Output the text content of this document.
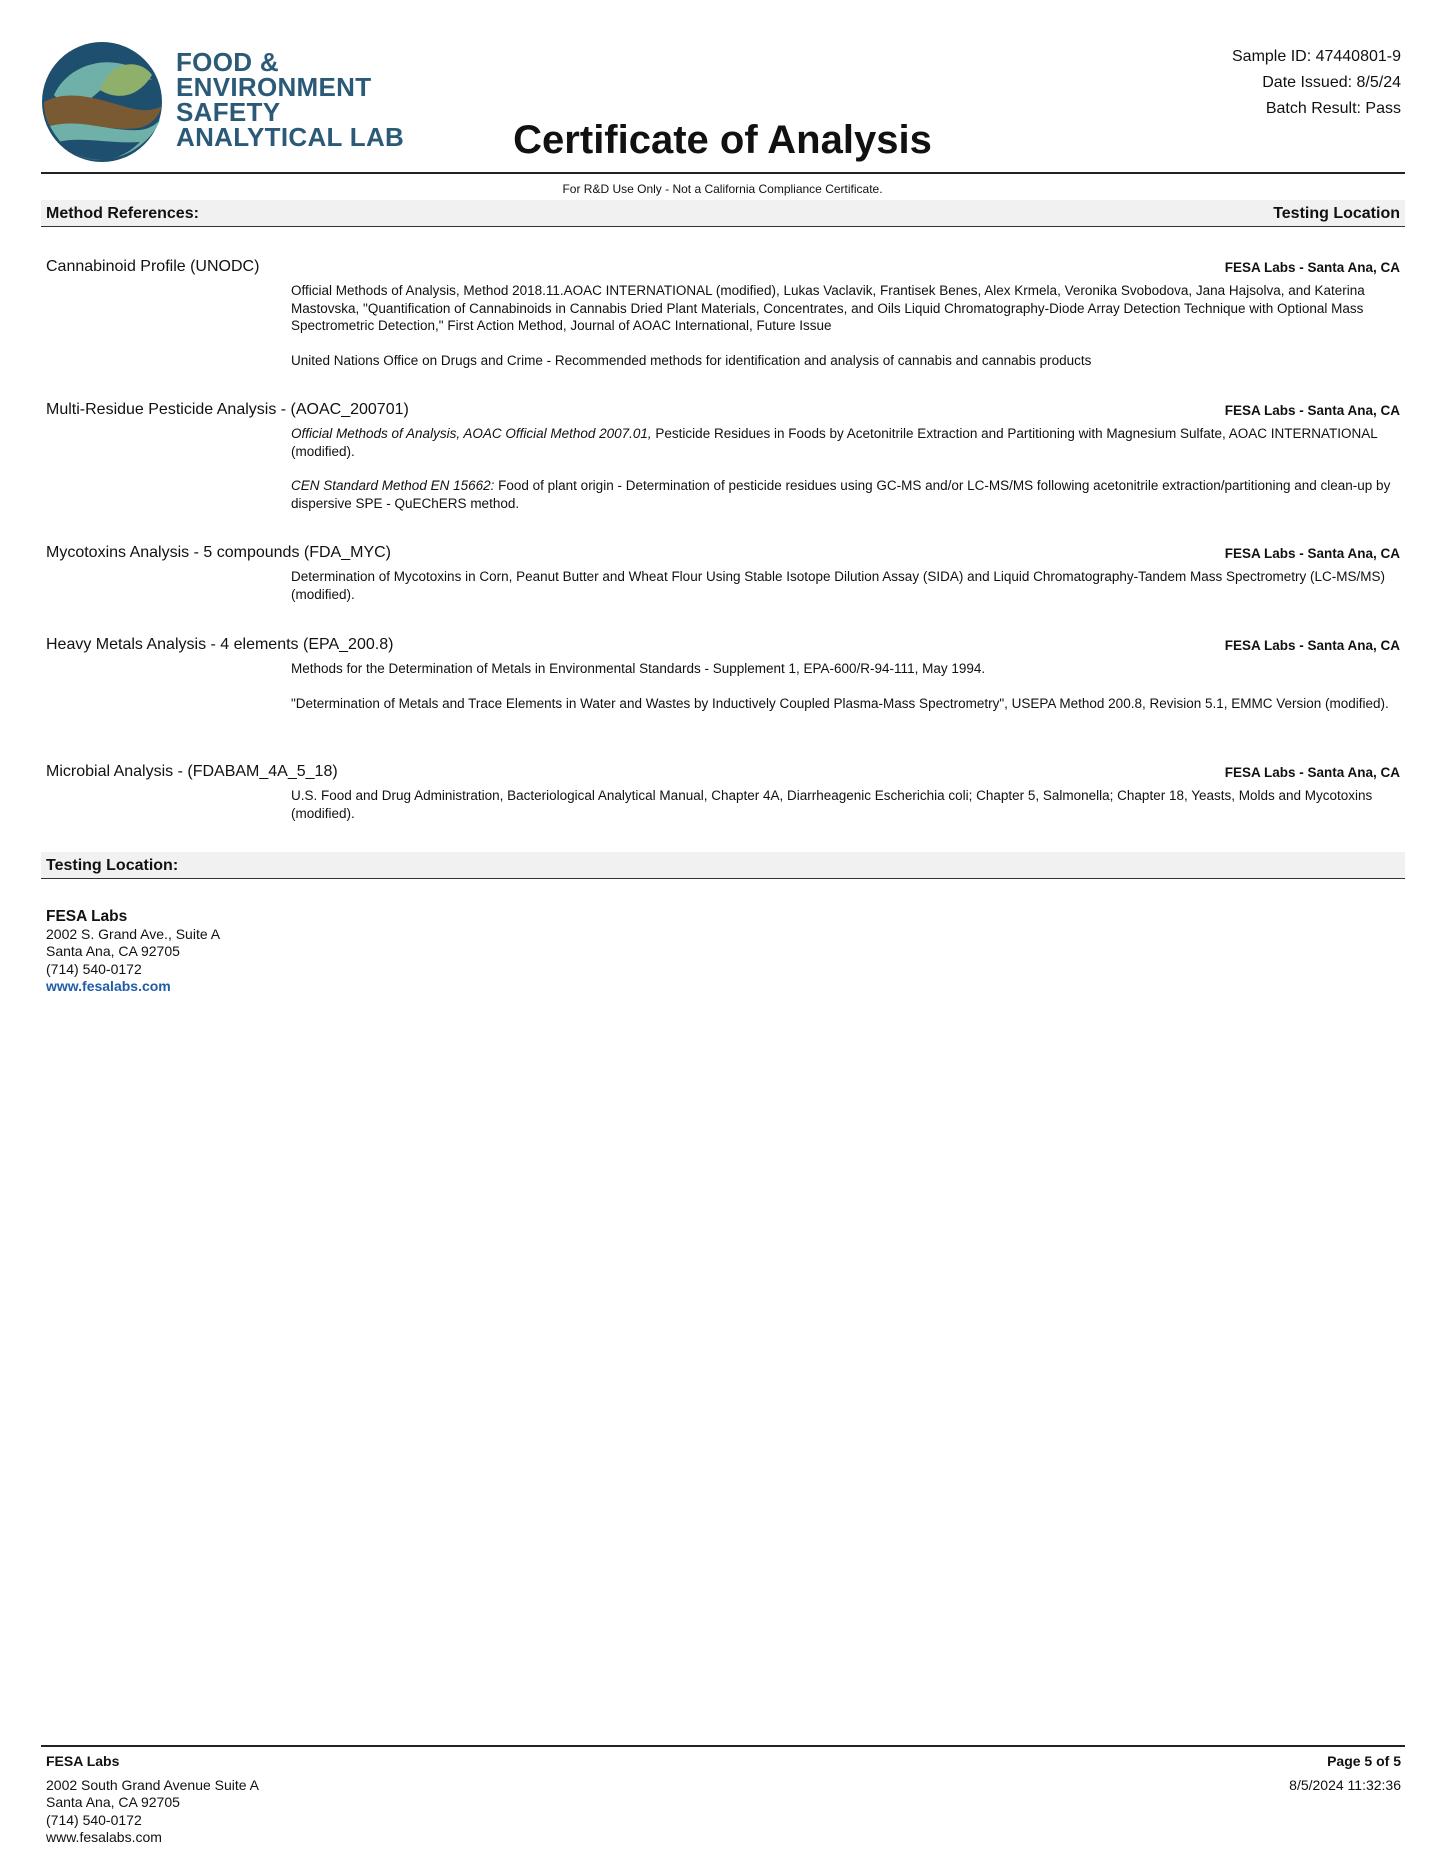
FOOD &
ENVIRONMENT
SAFETY
ANALYTICAL LAB	Certificate of Analysis
Sample ID: 47440801-9
Date Issued: 8/5/24
Batch Result: Pass
For R&D Use Only - Not a California Compliance Certificate.
Method References:	Testing Location
Cannabinoid Profile (UNODC)	FESA Labs - Santa Ana, CA

Official Methods of Analysis, Method 2018.11.AOAC INTERNATIONAL (modified), Lukas Vaclavik, Frantisek Benes, Alex Krmela, Veronika Svobodova, Jana Hajsolva, and Katerina Mastovska, "Quantification of Cannabinoids in Cannabis Dried Plant Materials, Concentrates, and Oils Liquid Chromatography-Diode Array Detection Technique with Optional Mass Spectrometric Detection," First Action Method, Journal of AOAC International, Future Issue

United Nations Office on Drugs and Crime - Recommended methods for identification and analysis of cannabis and cannabis products

Multi-Residue Pesticide Analysis - (AOAC_200701)	FESA Labs - Santa Ana, CA

Official Methods of Analysis, AOAC Official Method 2007.01, Pesticide Residues in Foods by Acetonitrile Extraction and Partitioning with Magnesium Sulfate, AOAC INTERNATIONAL (modified).

CEN Standard Method EN 15662: Food of plant origin - Determination of pesticide residues using GC-MS and/or LC-MS/MS following acetonitrile extraction/partitioning and clean-up by dispersive SPE - QuEChERS method.

Mycotoxins Analysis - 5 compounds (FDA_MYC)	FESA Labs - Santa Ana, CA

Determination of Mycotoxins in Corn, Peanut Butter and Wheat Flour Using Stable Isotope Dilution Assay (SIDA) and Liquid Chromatography-Tandem Mass Spectrometry (LC-MS/MS) (modified).

Heavy Metals Analysis - 4 elements (EPA_200.8)	FESA Labs - Santa Ana, CA

Methods for the Determination of Metals in Environmental Standards - Supplement 1, EPA-600/R-94-111, May 1994.

"Determination of Metals and Trace Elements in Water and Wastes by Inductively Coupled Plasma-Mass Spectrometry", USEPA Method 200.8, Revision 5.1, EMMC Version (modified).

Microbial Analysis - (FDABAM_4A_5_18)	FESA Labs - Santa Ana, CA

U.S. Food and Drug Administration, Bacteriological Analytical Manual, Chapter 4A, Diarrheagenic Escherichia coli; Chapter 5, Salmonella; Chapter 18, Yeasts, Molds and Mycotoxins (modified).

Testing Location:
FESA Labs
2002 S. Grand Ave., Suite A
Santa Ana, CA 92705
(714) 540-0172
www.fesalabs.com
FESA Labs
2002 South Grand Avenue Suite A
Santa Ana, CA 92705
(714) 540-0172
www.fesalabs.com
Page 5 of 5
8/5/2024 11:32:36
